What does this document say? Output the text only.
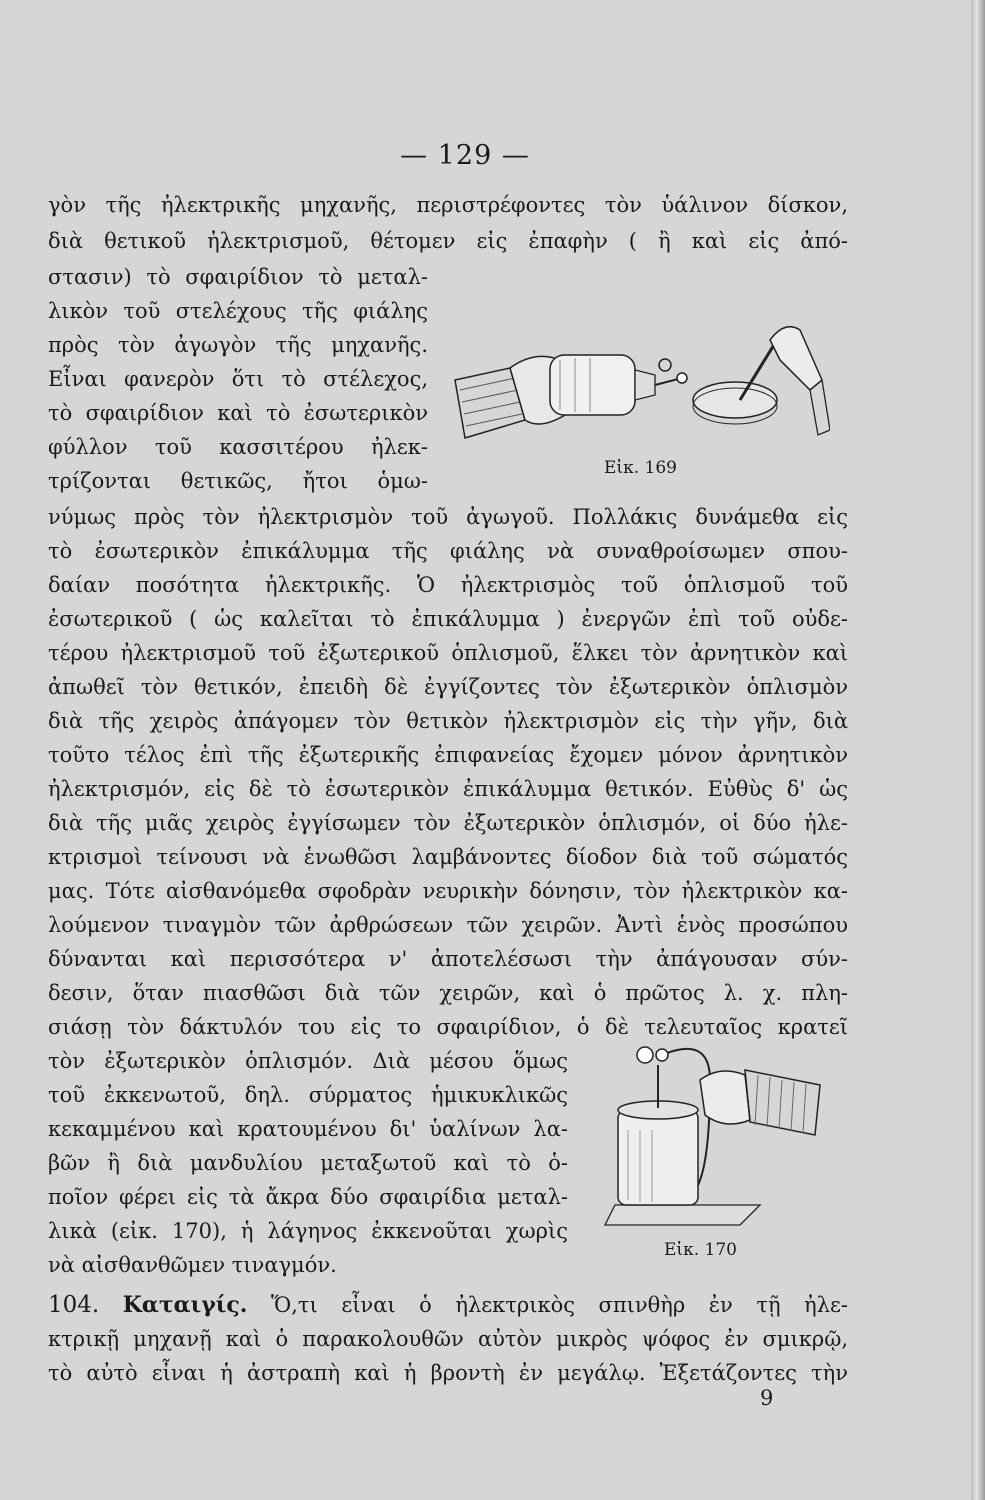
— 129 —
γὸν τῆς ἠλεκτρικῆς μηχανῆς, περιστρέφοντες τὸν ὑάλινον δίσκον,
διὰ θετικοῦ ἠλεκτρισμοῦ, θέτομεν εἰς ἐπαφὴν ( ἢ καὶ εἰς ἀπό-
στασιν) τὸ σφαιρίδιον τὸ μεταλ-
λικὸν τοῦ στελέχους τῆς φιάλης
πρὸς τὸν ἀγωγὸν τῆς μηχανῆς.
Εἶναι φανερὸν ὅτι τὸ στέλεχος,
τὸ σφαιρίδιον καὶ τὸ ἐσωτερικὸν
φύλλον τοῦ κασσιτέρου ἠλεκ-
τρίζονται θετικῶς, ἤτοι ὁμω-
νύμως πρὸς τὸν ἠλεκτρισμὸν τοῦ ἀγωγοῦ. Πολλάκις δυνάμεθα εἰς
τὸ ἐσωτερικὸν ἐπικάλυμμα τῆς φιάλης νὰ συναθροίσωμεν σπου-
δαίαν ποσότητα ἠλεκτρικῆς. Ὁ ἠλεκτρισμὸς τοῦ ὁπλισμοῦ τοῦ
ἐσωτερικοῦ ( ὡς καλεῖται τὸ ἐπικάλυμμα ) ἐνεργῶν ἐπὶ τοῦ οὐδε-
τέρου ἠλεκτρισμοῦ τοῦ ἐξωτερικοῦ ὁπλισμοῦ, ἕλκει τὸν ἀρνητικὸν καὶ
ἀπωθεῖ τὸν θετικόν, ἐπειδὴ δὲ ἐγγίζοντες τὸν ἐξωτερικὸν ὁπλισμὸν
διὰ τῆς χειρὸς ἀπάγομεν τὸν θετικὸν ἠλεκτρισμὸν εἰς τὴν γῆν, διὰ
τοῦτο τέλος ἐπὶ τῆς ἐξωτερικῆς ἐπιφανείας ἔχομεν μόνον ἀρνητικὸν
ἠλεκτρισμόν, εἰς δὲ τὸ ἐσωτερικὸν ἐπικάλυμμα θετικόν. Εὐθὺς δ' ὡς
διὰ τῆς μιᾶς χειρὸς ἐγγίσωμεν τὸν ἐξωτερικὸν ὁπλισμόν, οἱ δύο ἠλε-
κτρισμοὶ τείνουσι νὰ ἑνωθῶσι λαμβάνοντες δίοδον διὰ τοῦ σώματός
μας. Τότε αἰσθανόμεθα σφοδρὰν νευρικὴν δόνησιν, τὸν ἠλεκτρικὸν κα-
λούμενον τιναγμὸν τῶν ἀρθρώσεων τῶν χειρῶν. Ἀντὶ ἑνὸς προσώπου
δύνανται καὶ περισσότερα ν' ἀποτελέσωσι τὴν ἀπάγουσαν σύν-
δεσιν, ὅταν πιασθῶσι διὰ τῶν χειρῶν, καὶ ὁ πρῶτος λ. χ. πλη-
σιάσῃ τὸν δάκτυλόν του εἰς το σφαιρίδιον, ὁ δὲ τελευταῖος κρατεῖ
τὸν ἐξωτερικὸν ὁπλισμόν. Διὰ μέσου ὅμως
τοῦ ἐκκενωτοῦ, δηλ. σύρματος ἡμικυκλικῶς
κεκαμμένου καὶ κρατουμένου δι' ὑαλίνων λα-
βῶν ἢ διὰ μανδυλίου μεταξωτοῦ καὶ τὸ ὁ-
ποῖον φέρει εἰς τὰ ἄκρα δύο σφαιρίδια μεταλ-
λικὰ (εἰκ. 170), ἡ λάγηνος ἐκκενοῦται χωρὶς
νὰ αἰσθανθῶμεν τιναγμόν.
104. Καταιγίς. Ὅ,τι εἶναι ὁ ἠλεκτρικὸς σπινθὴρ ἐν τῇ ἠλε-
κτρικῇ μηχανῇ καὶ ὁ παρακολουθῶν αὐτὸν μικρὸς ψόφος ἐν σμικρῷ,
τὸ αὐτὸ εἶναι ἡ ἀστραπὴ καὶ ἡ βροντὴ ἐν μεγάλῳ. Ἐξετάζοντες τὴν
9
Εἰκ. 169
Εἰκ. 170
